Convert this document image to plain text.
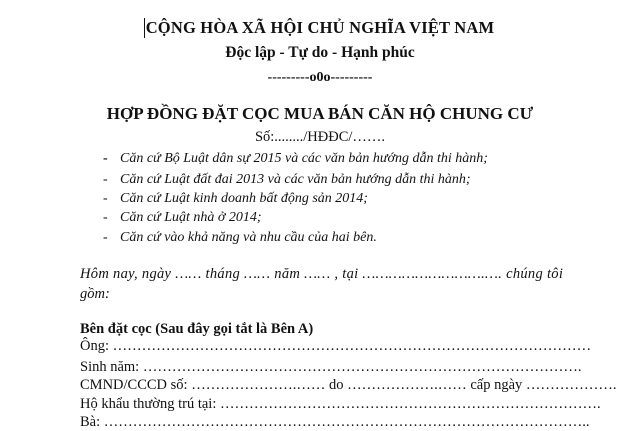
CỘNG HÒA XÃ HỘI CHỦ NGHĨA VIỆT NAM
Độc lập - Tự do - Hạnh phúc
---------o0o---------
HỢP ĐỒNG ĐẶT CỌC MUA BÁN CĂN HỘ CHUNG CƯ
Số:......../HĐĐC/…….
- Căn cứ Bộ Luật dân sự 2015 và các văn bản hướng dẫn thi hành;
- Căn cứ Luật đất đai 2013 và các văn bản hướng dẫn thi hành;
- Căn cứ Luật kinh doanh bất động sản 2014;
- Căn cứ Luật nhà ở 2014;
- Căn cứ vào khả năng và nhu cầu của hai bên.
Hôm nay, ngày …… tháng …… năm …… , tại ……………………….…. chúng tôi
gồm:
Bên đặt cọc (Sau đây gọi tắt là Bên A)
Ông: ………………………………………………………………………………………
Sinh năm: ……………………………………………………………………………….
CMND/CCCD số: ………………….…… do ……………….…… cấp ngày ……………….
Hộ khẩu thường trú tại: …………………………………………………………………….
Bà: ………………………………………………………………………………………..
